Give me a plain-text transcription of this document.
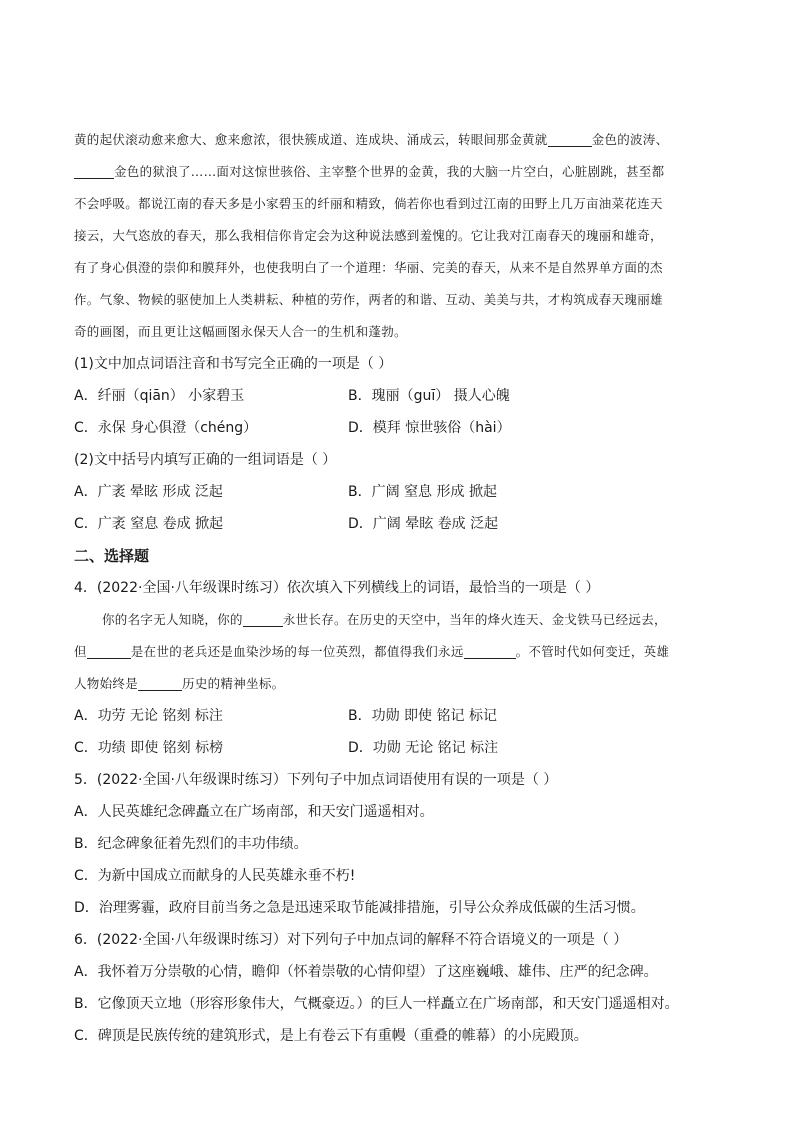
黄的起伏滚动愈来愈大、愈来愈浓，很快簇成道、连成块、涌成云，转眼间那金黄就	金色的波涛、
金色的狱浪了……面对这惊世骇俗、主宰整个世界的金黄，我的大脑一片空白，心脏剧跳，甚至都
不会呼吸。都说江南的春天多是小家碧玉的纤丽和精致，倘若你也看到过江南的田野上几万亩油菜花连天
接云，大气恣放的春天，那么我相信你肯定会为这种说法感到羞愧的。它让我对江南春天的瑰丽和雄奇，
有了身心俱澄的崇仰和膜拜外，也使我明白了一个道理：华丽、完美的春天，从来不是自然界单方面的杰
作。气象、物候的驱使加上人类耕耘、种植的劳作，两者的和谐、互动、美美与共，才构筑成春天瑰丽雄
奇的画图，而且更让这幅画图永保天人合一的生机和蓬勃。
(1)文中加点词语注音和书写完全正确的一项是（ ）
A．纤丽（qiān） 小家碧玉	B．瑰丽（guī） 摄人心魄
C．永保 身心俱澄（chéng）	D．模拜 惊世骇俗（hài）
(2)文中括号内填写正确的一组词语是（ ）
A．广袤 晕眩 形成 泛起	B．广阔 窒息 形成 掀起
C．广袤 窒息 卷成 掀起	D．广阔 晕眩 卷成 泛起
二、选择题
4．(2022·全国·八年级课时练习）依次填入下列横线上的词语，最恰当的一项是（ ）
你的名字无人知晓，你的	永世长存。在历史的天空中，当年的烽火连天、金戈铁马已经远去，
但	是在世的老兵还是血染沙场的每一位英烈，都值得我们永远	。不管时代如何变迁，英雄
人物始终是	历史的精神坐标。
A．功劳 无论 铭刻 标注	B．功勋 即使 铭记 标记
C．功绩 即使 铭刻 标榜	D．功勋 无论 铭记 标注
5．(2022·全国·八年级课时练习）下列句子中加点词语使用有误的一项是（ ）
A．人民英雄纪念碑矗立在广场南部，和天安门遥遥相对。
B．纪念碑象征着先烈们的丰功伟绩。
C．为新中国成立而献身的人民英雄永垂不朽!
D．治理雾霾，政府目前当务之急是迅速采取节能减排措施，引导公众养成低碳的生活习惯。
6．(2022·全国·八年级课时练习）对下列句子中加点词的解释不符合语境义的一项是（ ）
A．我怀着万分崇敬的心情，瞻仰（怀着崇敬的心情仰望）了这座巍峨、雄伟、庄严的纪念碑。
B．它像顶天立地（形容形象伟大，气概豪迈。）的巨人一样矗立在广场南部，和天安门遥遥相对。
C．碑顶是民族传统的建筑形式，是上有卷云下有重幔（重叠的帷幕）的小庑殿顶。
